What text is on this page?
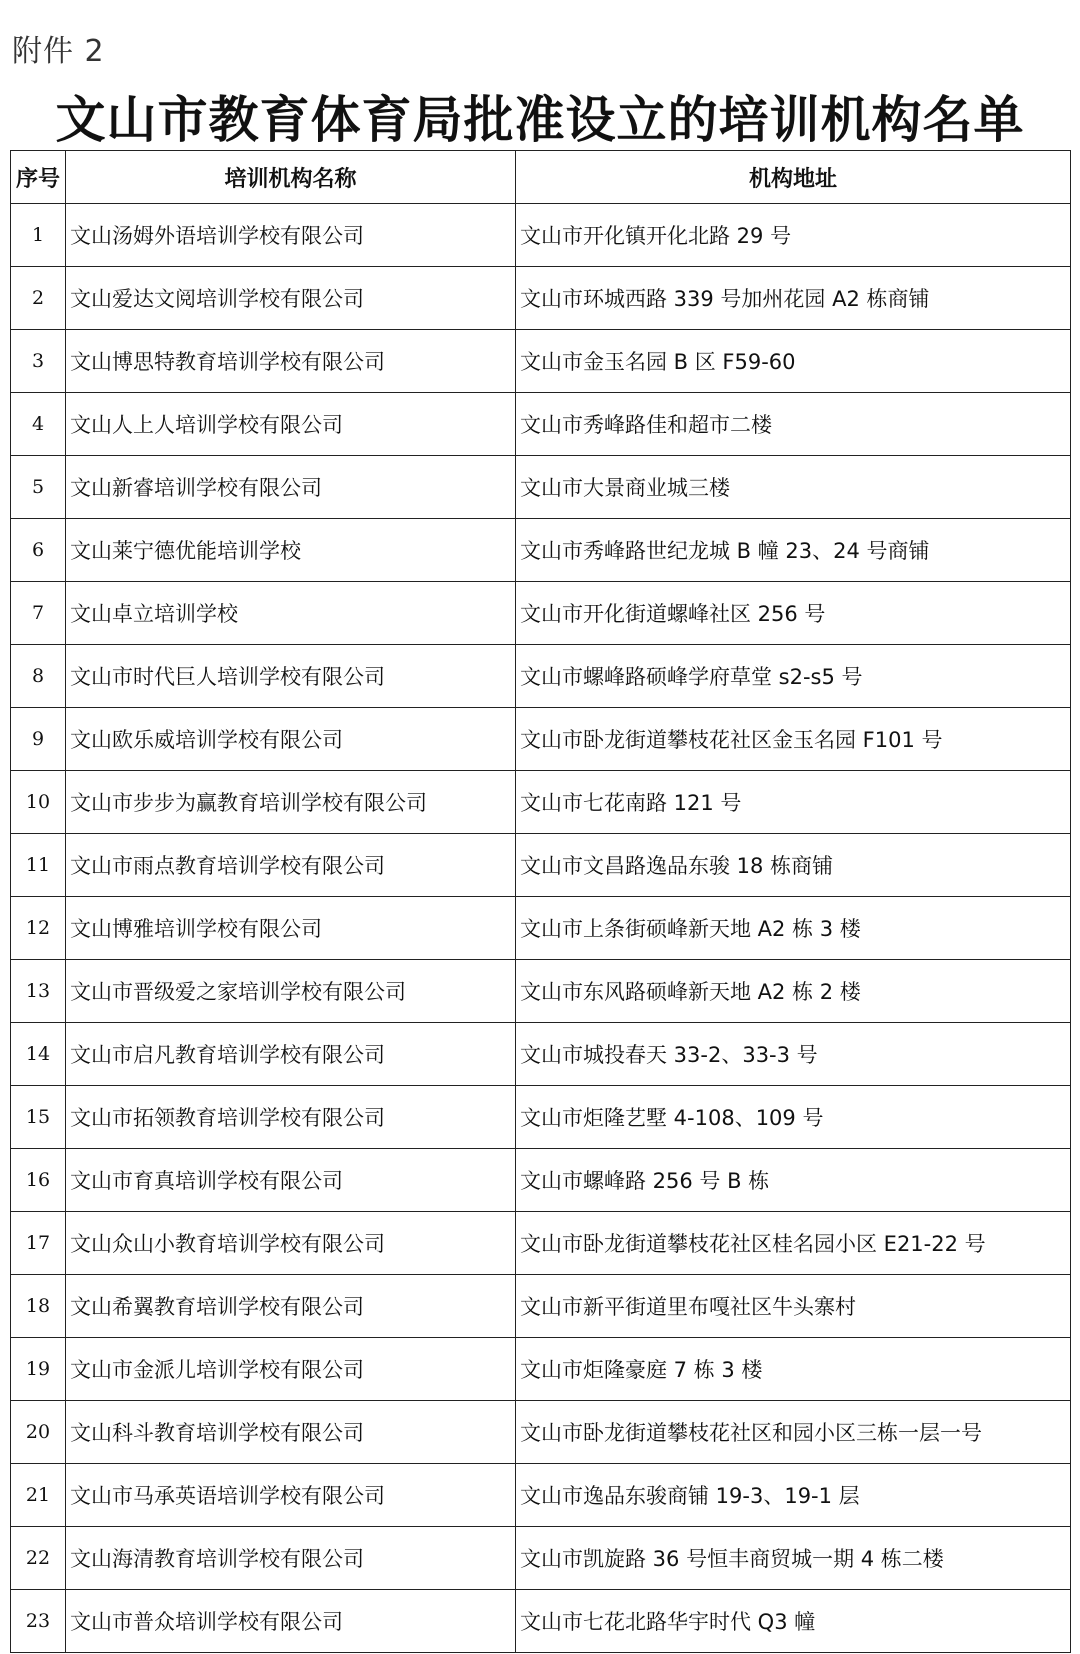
附件 2
文山市教育体育局批准设立的培训机构名单
序号	培训机构名称	机构地址
1	文山汤姆外语培训学校有限公司	文山市开化镇开化北路 29 号
2	文山爱达文阅培训学校有限公司	文山市环城西路 339 号加州花园 A2 栋商铺
3	文山博思特教育培训学校有限公司	文山市金玉名园 B 区 F59-60
4	文山人上人培训学校有限公司	文山市秀峰路佳和超市二楼
5	文山新睿培训学校有限公司	文山市大景商业城三楼
6	文山莱宁德优能培训学校	文山市秀峰路世纪龙城 B 幢 23、24 号商铺
7	文山卓立培训学校	文山市开化街道螺峰社区 256 号
8	文山市时代巨人培训学校有限公司	文山市螺峰路硕峰学府草堂 s2-s5 号
9	文山欧乐威培训学校有限公司	文山市卧龙街道攀枝花社区金玉名园 F101 号
10	文山市步步为赢教育培训学校有限公司	文山市七花南路 121 号
11	文山市雨点教育培训学校有限公司	文山市文昌路逸品东骏 18 栋商铺
12	文山博雅培训学校有限公司	文山市上条街硕峰新天地 A2 栋 3 楼
13	文山市晋级爱之家培训学校有限公司	文山市东风路硕峰新天地 A2 栋 2 楼
14	文山市启凡教育培训学校有限公司	文山市城投春天 33-2、33-3 号
15	文山市拓领教育培训学校有限公司	文山市炬隆艺墅 4-108、109 号
16	文山市育真培训学校有限公司	文山市螺峰路 256 号 B 栋
17	文山众山小教育培训学校有限公司	文山市卧龙街道攀枝花社区桂名园小区 E21-22 号
18	文山希翼教育培训学校有限公司	文山市新平街道里布嘎社区牛头寨村
19	文山市金派儿培训学校有限公司	文山市炬隆豪庭 7 栋 3 楼
20	文山科斗教育培训学校有限公司	文山市卧龙街道攀枝花社区和园小区三栋一层一号
21	文山市马承英语培训学校有限公司	文山市逸品东骏商铺 19-3、19-1 层
22	文山海清教育培训学校有限公司	文山市凯旋路 36 号恒丰商贸城一期 4 栋二楼
23	文山市普众培训学校有限公司	文山市七花北路华宇时代 Q3 幢
